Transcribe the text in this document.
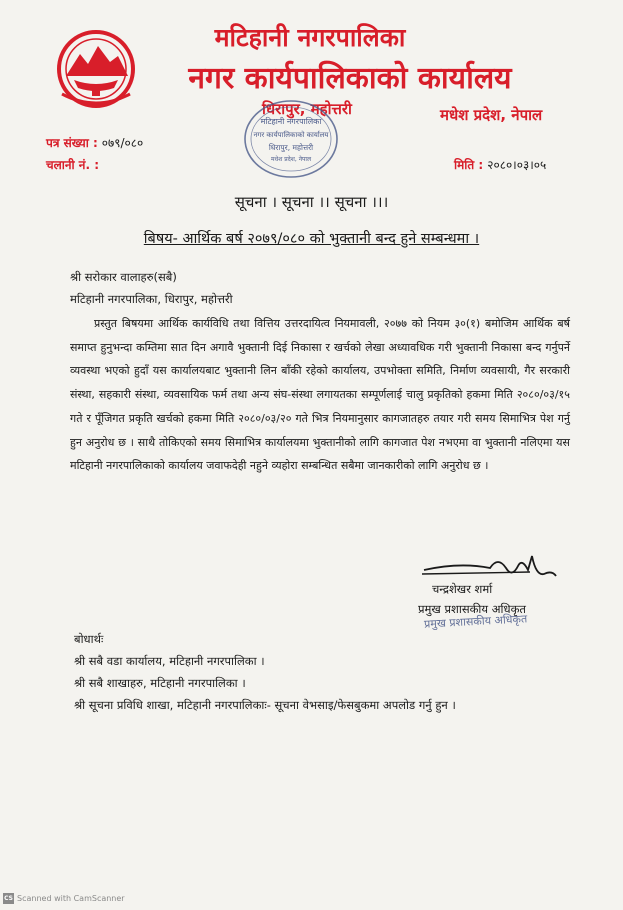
मटिहानी नगरपालिका
नगर कार्यपालिकाको कार्यालय
धिरापुर, महोत्तरी	मधेश प्रदेश, नेपाल
मटिहानी नगरपालिका
नगर कार्यपालिकाको कार्यालय
धिरापुर, महोत्तरी
मधेश प्रदेश, नेपाल
पत्र संख्या : ०७९/०८०
चलानी नं. :	मिति : २०८०।०३।०५
सूचना । सूचना ।। सूचना ।।।
बिषय- आर्थिक बर्ष २०७९/०८० को भुक्तानी बन्द हुने सम्बन्धमा ।
श्री सरोकार वालाहरु(सबै)
मटिहानी नगरपालिका, धिरापुर, महोत्तरी
प्रस्तुत बिषयमा आर्थिक कार्यविधि तथा वित्तिय उत्तरदायित्व नियमावली, २०७७ को नियम ३०(१) बमोजिम आर्थिक बर्ष समाप्त हुनुभन्दा कम्तिमा सात दिन अगावै भुक्तानी दिई निकासा र खर्चको लेखा अध्यावधिक गरी भुक्तानी निकासा बन्द गर्नुपर्ने व्यवस्था भएको हुदाँ यस कार्यालयबाट भुक्तानी लिन बाँकी रहेको कार्यालय, उपभोक्ता समिति, निर्माण व्यवसायी, गैर सरकारी संस्था, सहकारी संस्था, व्यवसायिक फर्म तथा अन्य संघ-संस्था लगायतका सम्पूर्णलाई चालु प्रकृतिको हकमा मिति २०८०/०३/१५ गते र पूँजिगत प्रकृति खर्चको हकमा मिति २०८०/०३/२० गते भित्र नियमानुसार कागजातहरु तयार गरी समय सिमाभित्र पेश गर्नु हुन अनुरोध छ । साथै तोकिएको समय सिमाभित्र कार्यालयमा भुक्तानीको लागि कागजात पेश नभएमा वा भुक्तानी नलिएमा यस मटिहानी नगरपालिकाको कार्यालय जवाफदेही नहुने व्यहोरा सम्बन्धित सबैमा जानकारीको लागि अनुरोध छ ।
चन्द्रशेखर शर्मा
प्रमुख प्रशासकीय अधिकृत
प्रमुख प्रशासकीय अधिकृत
बोधार्थः
श्री सबै वडा कार्यालय, मटिहानी नगरपालिका ।
श्री सबै शाखाहरु, मटिहानी नगरपालिका ।
श्री सूचना प्रविधि शाखा, मटिहानी नगरपालिकाः- सूचना वेभसाइ/फेसबुकमा अपलोड गर्नु हुन ।
CS Scanned with CamScanner
